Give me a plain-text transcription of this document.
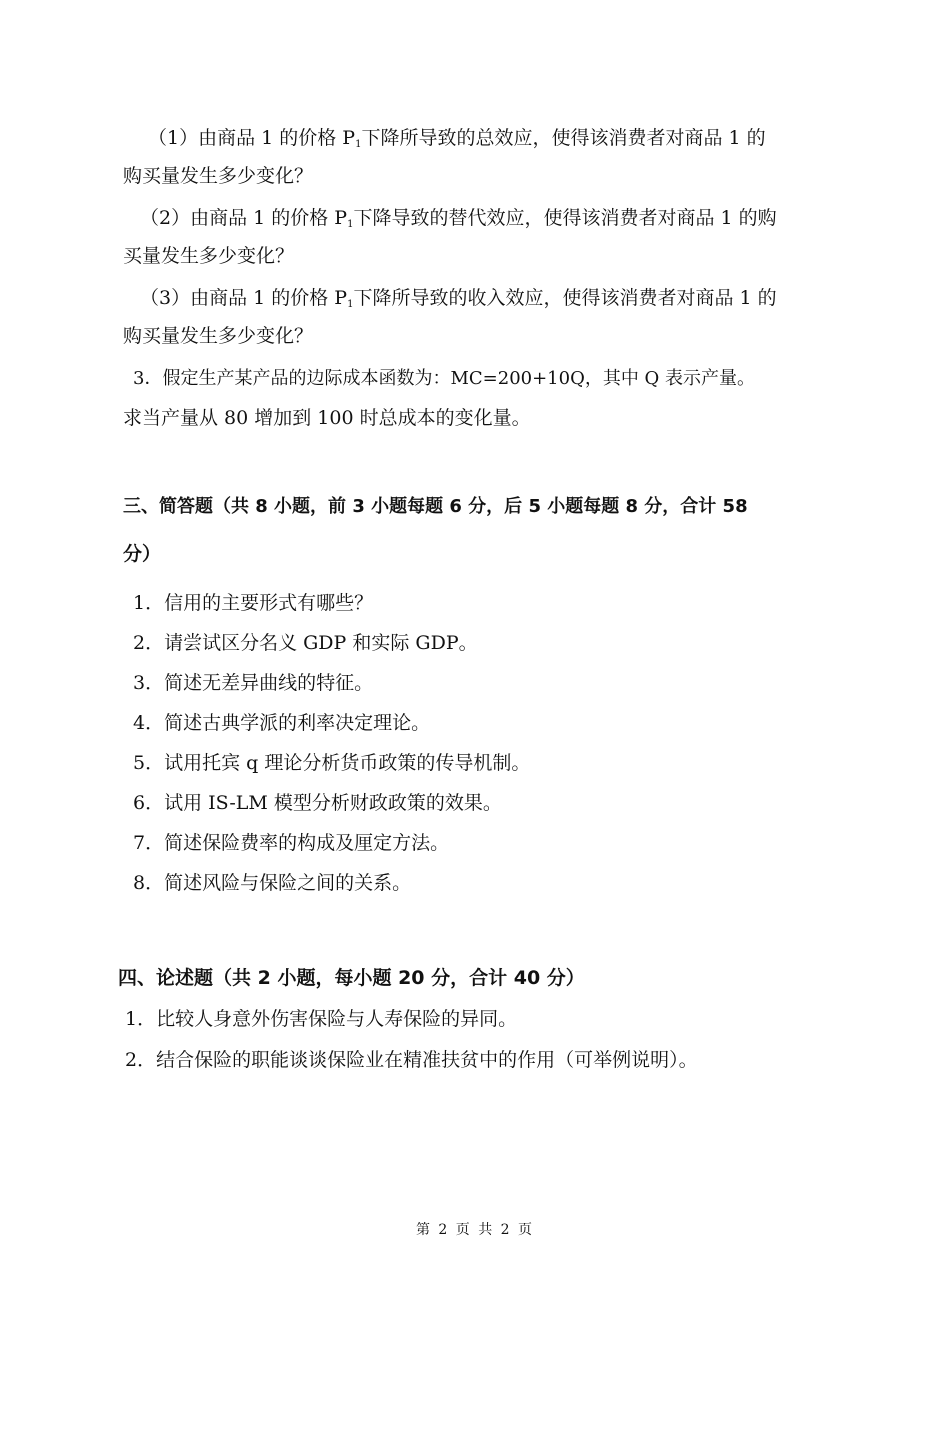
（1）由商品 1 的价格 $P_1$下降所导致的总效应，使得该消费者对商品 1 的
购买量发生多少变化？
（2）由商品 1 的价格 $P_1$下降导致的替代效应，使得该消费者对商品 1 的购
买量发生多少变化？
（3）由商品 1 的价格 $P_1$下降所导致的收入效应，使得该消费者对商品 1 的
购买量发生多少变化？
3．假定生产某产品的边际成本函数为：MC=200+10Q，其中 Q 表示产量。
求当产量从 80 增加到 100 时总成本的变化量。
三、简答题（共 8 小题，前 3 小题每题 6 分，后 5 小题每题 8 分，合计 58
分）
1．信用的主要形式有哪些？
2．请尝试区分名义 GDP 和实际 GDP。
3．简述无差异曲线的特征。
4．简述古典学派的利率决定理论。
5．试用托宾 q 理论分析货币政策的传导机制。
6．试用 IS-LM 模型分析财政政策的效果。
7．简述保险费率的构成及厘定方法。
8．简述风险与保险之间的关系。
四、论述题（共 2 小题，每小题 20 分，合计 40 分）
1．比较人身意外伤害保险与人寿保险的异同。
2．结合保险的职能谈谈保险业在精准扶贫中的作用（可举例说明）。
第 2 页 共 2 页
